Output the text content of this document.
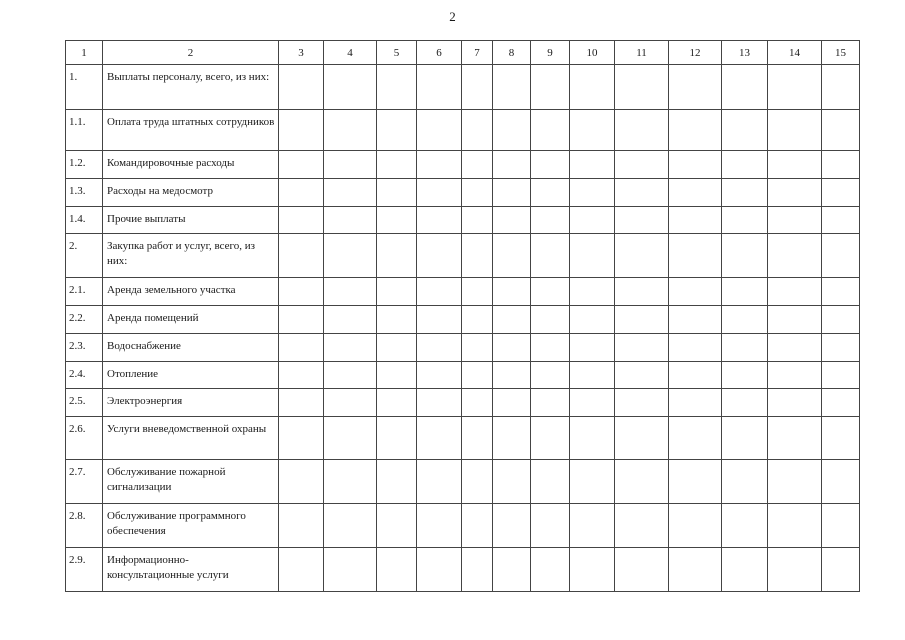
2
1	2	3	4	5	6	7	8	9	10	11	12	13	14	15
1.	Выплаты персоналу, всего, из них:													
1.1.	Оплата труда штатных сотрудников													
1.2.	Командировочные расходы													
1.3.	Расходы на медосмотр													
1.4.	Прочие выплаты													
2.	Закупка работ и услуг, всего, из них:													
2.1.	Аренда земельного участка													
2.2.	Аренда помещений													
2.3.	Водоснабжение													
2.4.	Отопление													
2.5.	Электроэнергия													
2.6.	Услуги вневедомственной охраны													
2.7.	Обслуживание пожарной сигнализации													
2.8.	Обслуживание программного обеспечения													
2.9.	Информационно-консультационные услуги													
